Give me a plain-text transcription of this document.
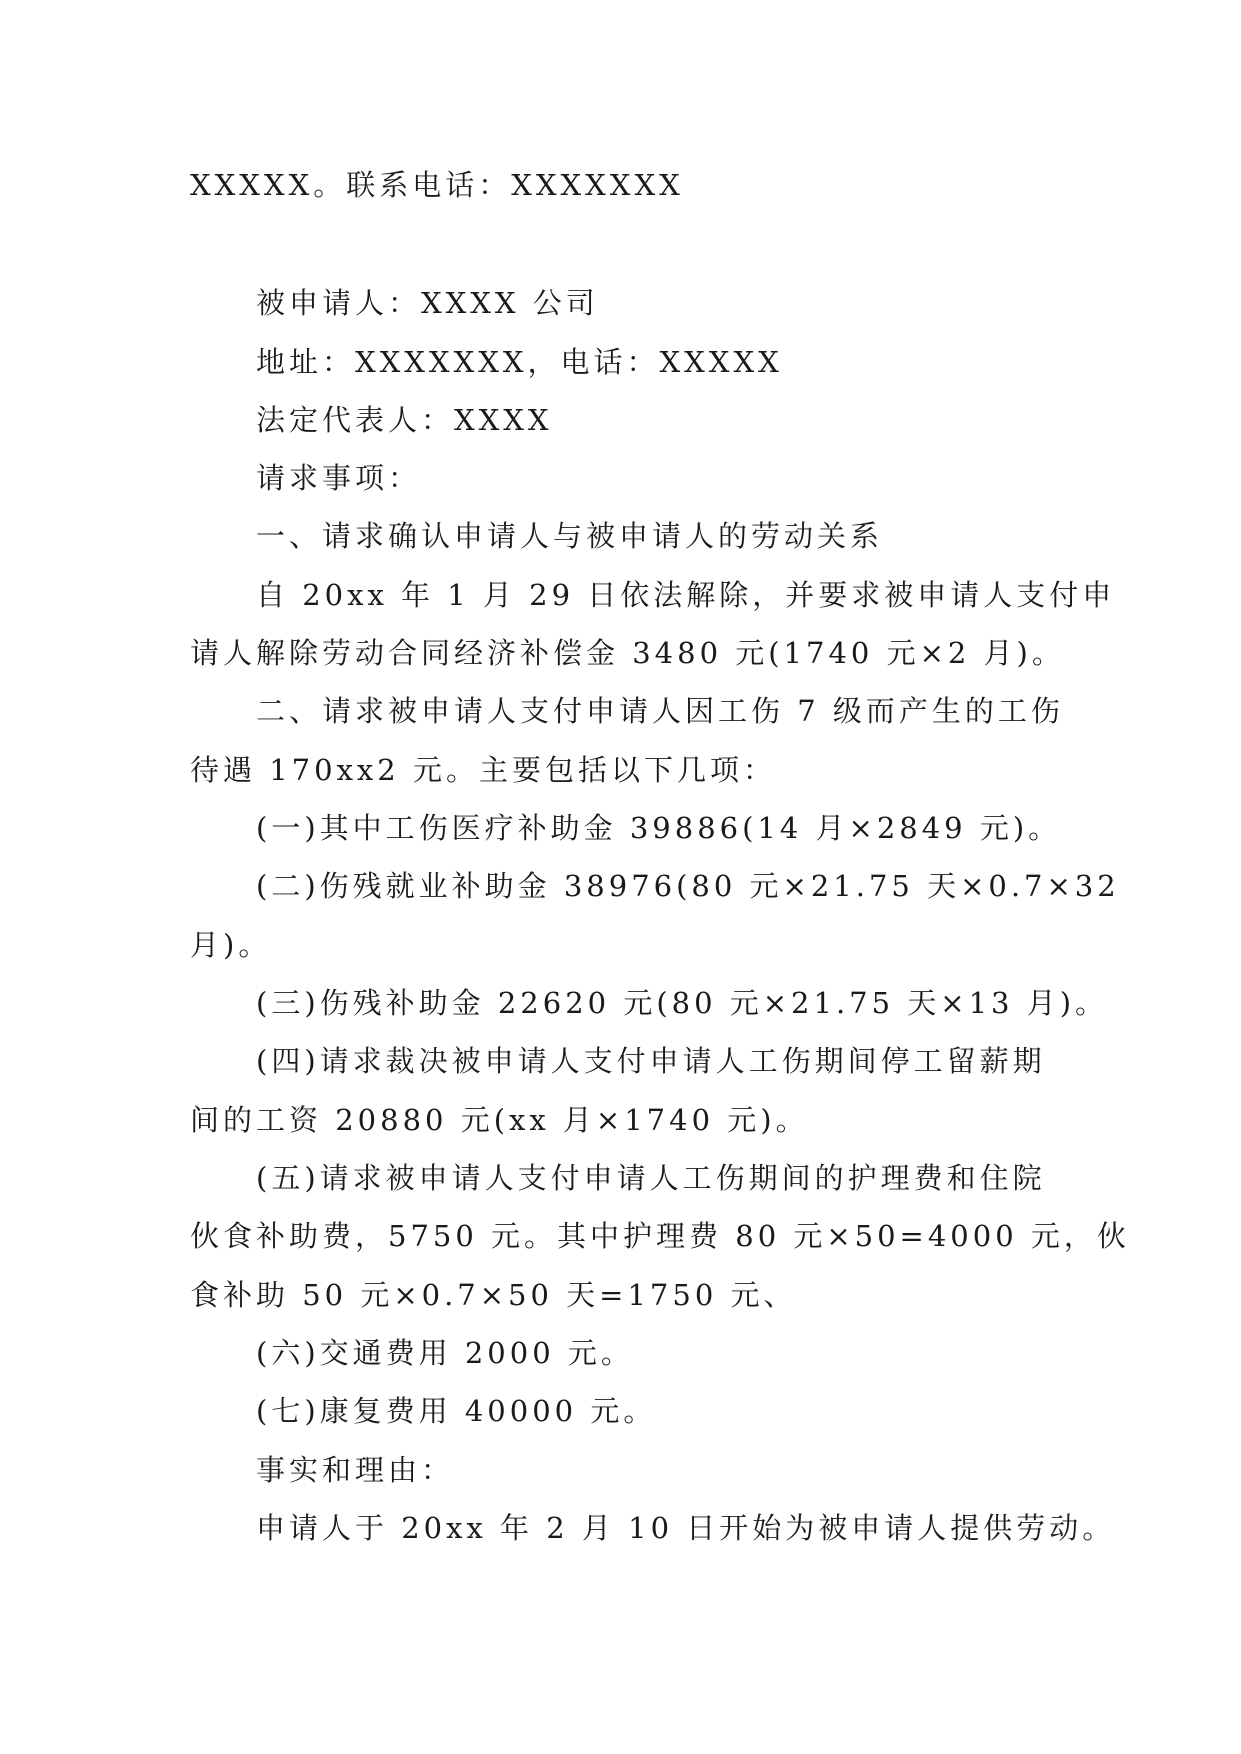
XXXXX。联系电话：XXXXXXX
被申请人：XXXX 公司
地址：XXXXXXX，电话：XXXXX
法定代表人：XXXX
请求事项：
一、请求确认申请人与被申请人的劳动关系
自 20xx 年 1 月 29 日依法解除，并要求被申请人支付申
请人解除劳动合同经济补偿金 3480 元(1740 元×2 月)。
二、请求被申请人支付申请人因工伤 7 级而产生的工伤
待遇 170xx2 元。主要包括以下几项：
(一)其中工伤医疗补助金 39886(14 月×2849 元)。
(二)伤残就业补助金 38976(80 元×21.75 天×0.7×32
月)。
(三)伤残补助金 22620 元(80 元×21.75 天×13 月)。
(四)请求裁决被申请人支付申请人工伤期间停工留薪期
间的工资 20880 元(xx 月×1740 元)。
(五)请求被申请人支付申请人工伤期间的护理费和住院
伙食补助费，5750 元。其中护理费 80 元×50=4000 元，伙
食补助 50 元×0.7×50 天=1750 元、
(六)交通费用 2000 元。
(七)康复费用 40000 元。
事实和理由：
申请人于 20xx 年 2 月 10 日开始为被申请人提供劳动。
